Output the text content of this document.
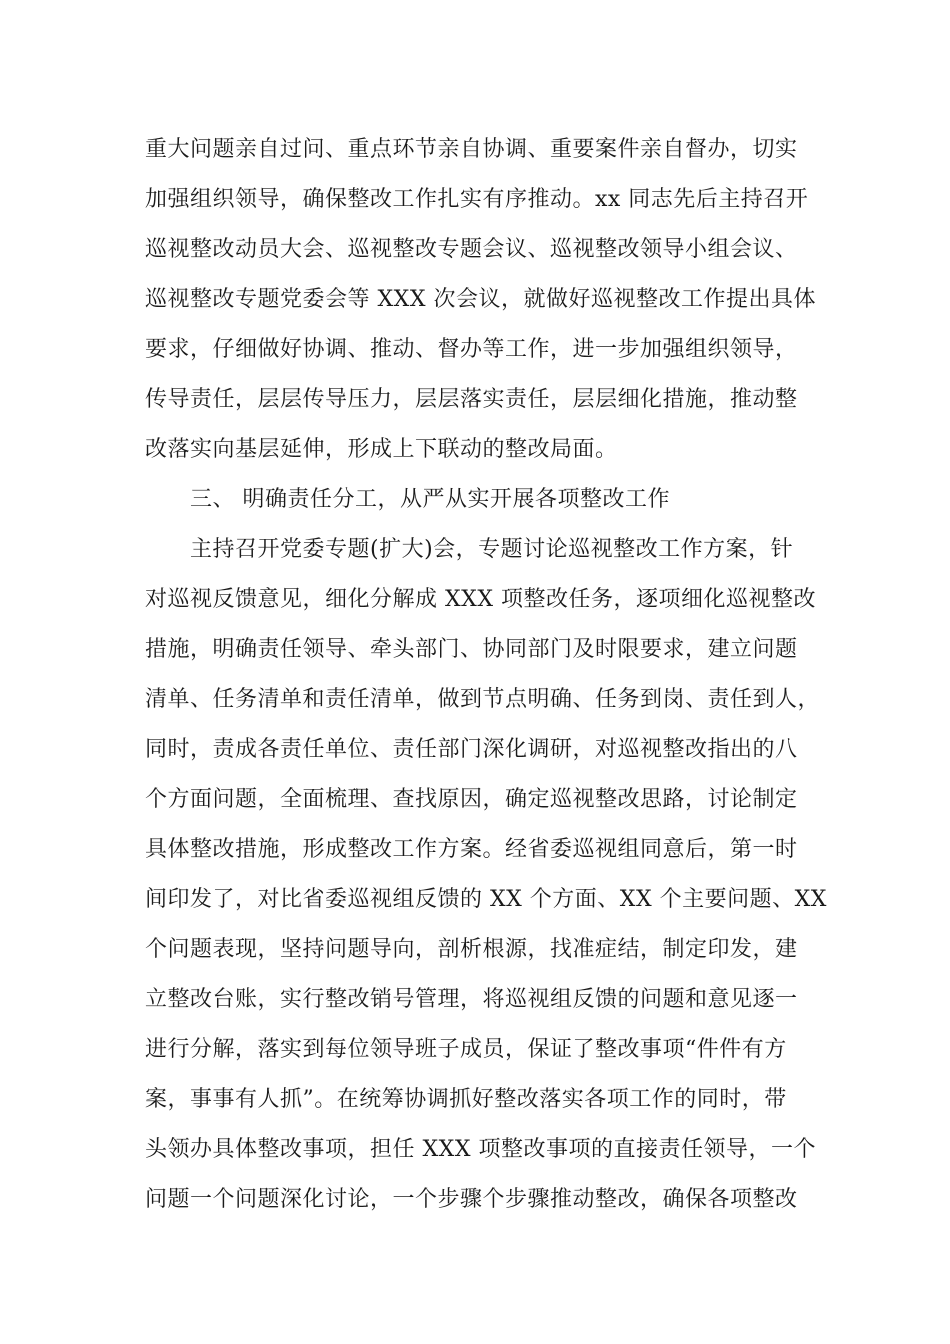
重大问题亲自过问、重点环节亲自协调、重要案件亲自督办，切实
加强组织领导，确保整改工作扎实有序推动。xx 同志先后主持召开
巡视整改动员大会、巡视整改专题会议、巡视整改领导小组会议、
巡视整改专题党委会等 XXX 次会议，就做好巡视整改工作提出具体
要求，仔细做好协调、推动、督办等工作，进一步加强组织领导，
传导责任，层层传导压力，层层落实责任，层层细化措施，推动整
改落实向基层延伸，形成上下联动的整改局面。
三、 明确责任分工，从严从实开展各项整改工作
主持召开党委专题(扩大)会，专题讨论巡视整改工作方案，针
对巡视反馈意见，细化分解成 XXX 项整改任务，逐项细化巡视整改
措施，明确责任领导、牵头部门、协同部门及时限要求，建立问题
清单、任务清单和责任清单，做到节点明确、任务到岗、责任到人，
同时，责成各责任单位、责任部门深化调研，对巡视整改指出的八
个方面问题，全面梳理、查找原因，确定巡视整改思路，讨论制定
具体整改措施，形成整改工作方案。经省委巡视组同意后，第一时
间印发了，对比省委巡视组反馈的 XX 个方面、XX 个主要问题、XX
个问题表现，坚持问题导向，剖析根源，找准症结，制定印发，建
立整改台账，实行整改销号管理，将巡视组反馈的问题和意见逐一
进行分解，落实到每位领导班子成员，保证了整改事项“件件有方
案，事事有人抓”。在统筹协调抓好整改落实各项工作的同时，带
头领办具体整改事项，担任 XXX 项整改事项的直接责任领导，一个
问题一个问题深化讨论，一个步骤个步骤推动整改，确保各项整改
